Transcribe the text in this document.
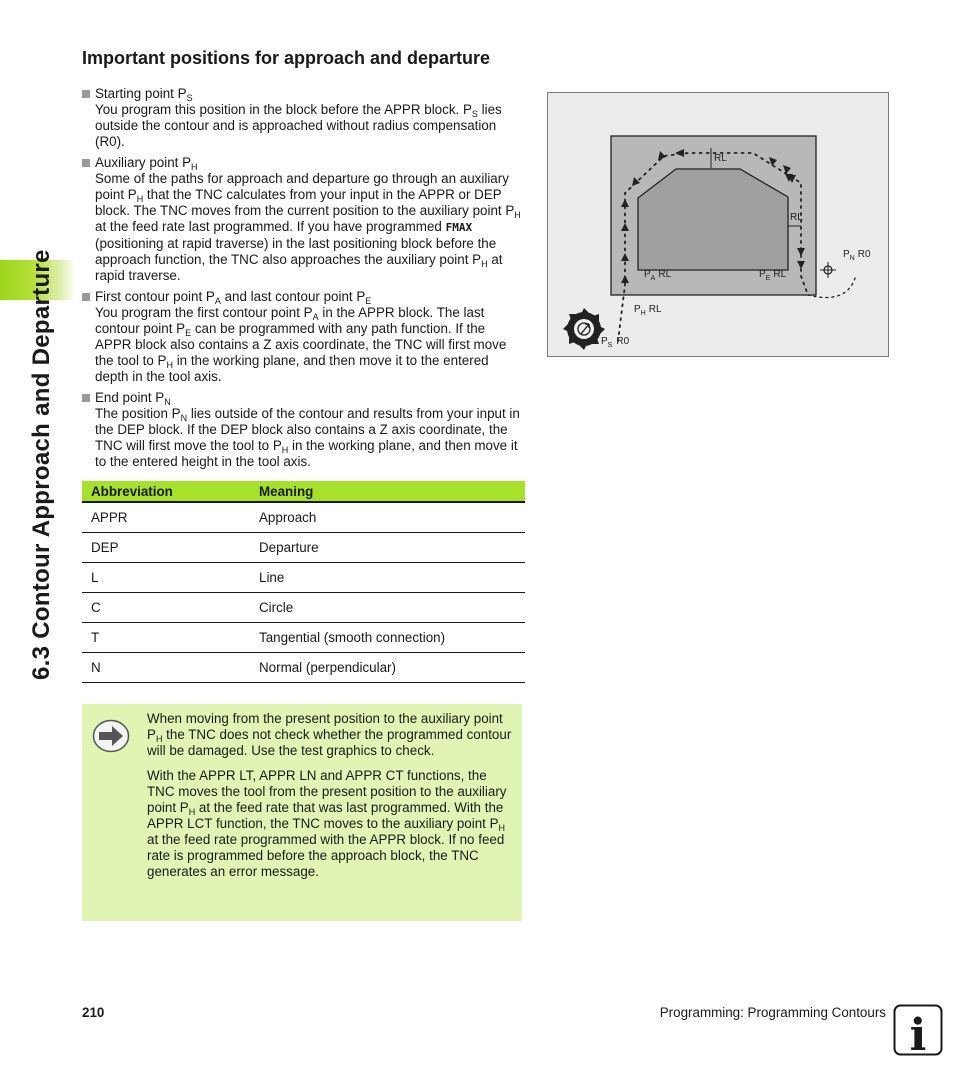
6.3 Contour Approach and Departure
Important positions for approach and departure
Starting point $P_S$
You program this position in the block before the APPR block. $P_S$ lies outside the contour and is approached without radius compensation (R0).
Auxiliary point $P_H$
Some of the paths for approach and departure go through an auxiliary point $P_H$ that the TNC calculates from your input in the APPR or DEP block. The TNC moves from the current position to the auxiliary point $P_H$ at the feed rate last programmed. If you have programmed FMAX (positioning at rapid traverse) in the last positioning block before the approach function, the TNC also approaches the auxiliary point $P_H$ at rapid traverse.
First contour point $P_A$ and last contour point $P_E$
You program the first contour point $P_A$ in the APPR block. The last contour point $P_E$ can be programmed with any path function. If the APPR block also contains a Z axis coordinate, the TNC will first move the tool to $P_H$ in the working plane, and then move it to the entered depth in the tool axis.
End point $P_N$
The position $P_N$ lies outside of the contour and results from your input in the DEP block. If the DEP block also contains a Z axis coordinate, the TNC will first move the tool to $P_H$ in the working plane, and then move it to the entered height in the tool axis.
Abbreviation	Meaning
APPR	Approach
DEP	Departure
L	Line
C	Circle
T	Tangential (smooth connection)
N	Normal (perpendicular)

When moving from the present position to the auxiliary point $P_H$ the TNC does not check whether the programmed contour will be damaged. Use the test graphics to check.

With the APPR LT, APPR LN and APPR CT functions, the TNC moves the tool from the present position to the auxiliary point $P_H$ at the feed rate that was last programmed. With the APPR LCT function, the TNC moves to the auxiliary point $P_H$ at the feed rate programmed with the APPR block. If no feed rate is programmed before the approach block, the TNC generates an error message.

RL
RL
$P_A$ RL	$P_E$ RL
$P_N$ R0
$P_H$ RL
$P_S$ R0
210	Programming: Programming Contours i
